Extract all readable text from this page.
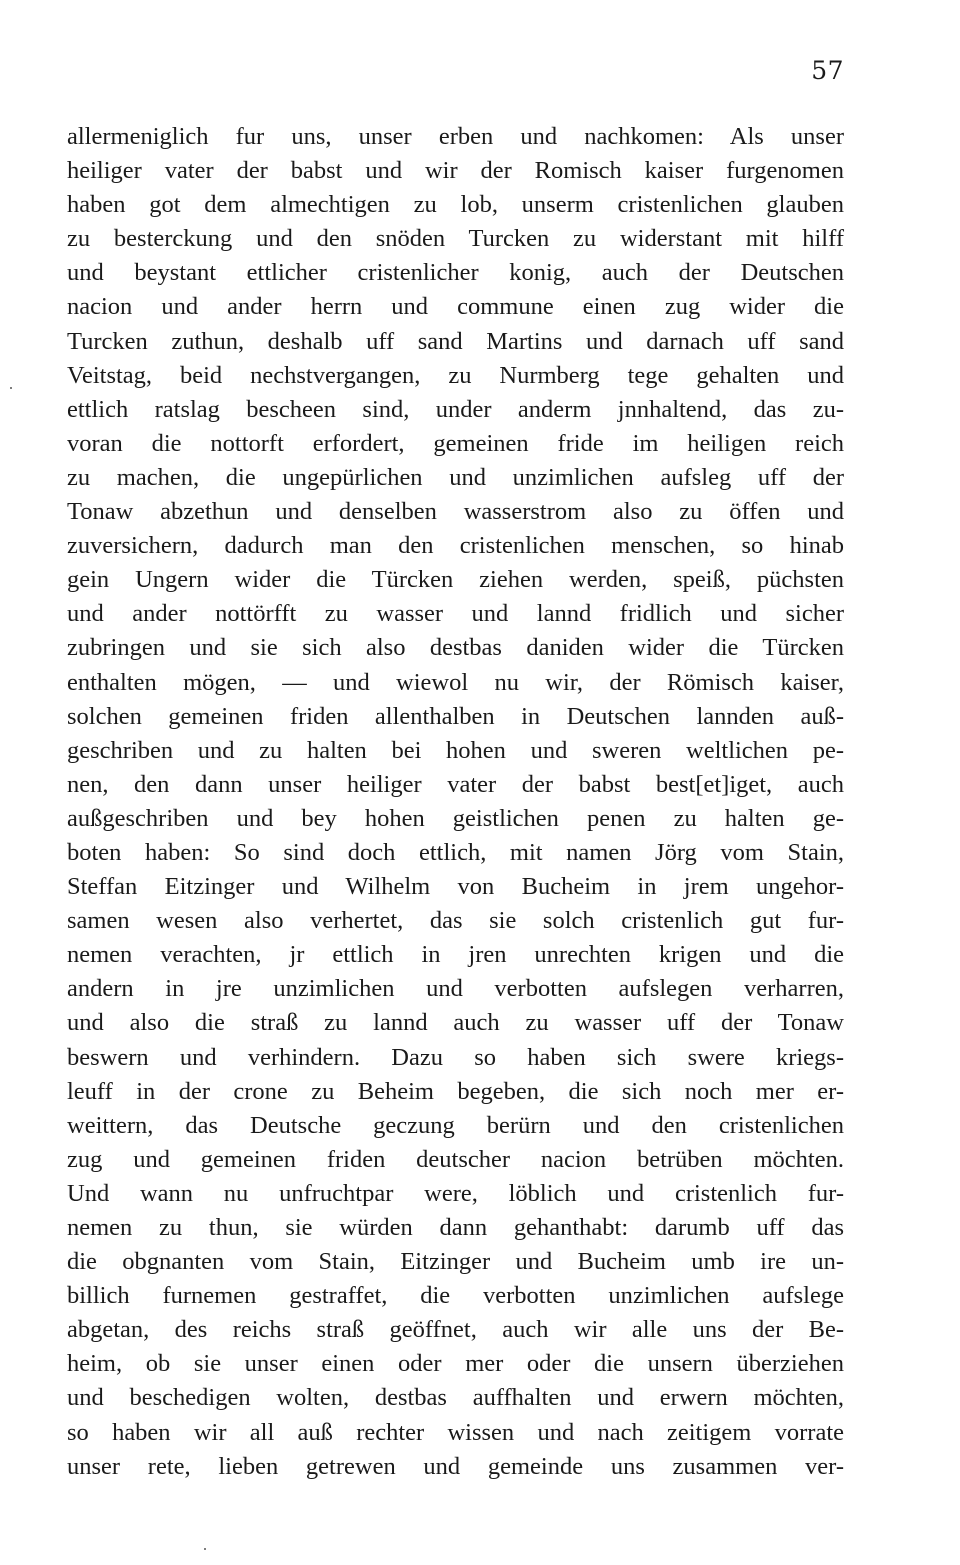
57
allermeniglich fur uns, unser erben und nachkomen: Als unser
heiliger vater der babst und wir der Romisch kaiser furgenomen
haben got dem almechtigen zu lob, unserm cristenlichen glauben
zu besterckung und den snöden Turcken zu widerstant mit hilff
und beystant ettlicher cristenlicher konig, auch der Deutschen
nacion und ander herrn und commune einen zug wider die
Turcken zuthun, deshalb uff sand Martins und darnach uff sand
Veitstag, beid nechstvergangen, zu Nurmberg tege gehalten und
ettlich ratslag bescheen sind, under anderm jnnhaltend, das zu-
voran die nottorft erfordert, gemeinen fride im heiligen reich
zu machen, die ungepürlichen und unzimlichen aufsleg uff der
Tonaw abzethun und denselben wasserstrom also zu öffen und
zuversichern, dadurch man den cristenlichen menschen, so hinab
gein Ungern wider die Türcken ziehen werden, speiß, püchsten
und ander nottörfft zu wasser und lannd fridlich und sicher
zubringen und sie sich also destbas daniden wider die Türcken
enthalten mögen, — und wiewol nu wir, der Römisch kaiser,
solchen gemeinen friden allenthalben in Deutschen lannden auß-
geschriben und zu halten bei hohen und sweren weltlichen pe-
nen, den dann unser heiliger vater der babst best[et]iget, auch
außgeschriben und bey hohen geistlichen penen zu halten ge-
boten haben: So sind doch ettlich, mit namen Jörg vom Stain,
Steffan Eitzinger und Wilhelm von Bucheim in jrem ungehor-
samen wesen also verhertet, das sie solch cristenlich gut fur-
nemen verachten, jr ettlich in jren unrechten krigen und die
andern in jre unzimlichen und verbotten aufslegen verharren,
und also die straß zu lannd auch zu wasser uff der Tonaw
beswern und verhindern. Dazu so haben sich swere kriegs-
leuff in der crone zu Beheim begeben, die sich noch mer er-
weittern, das Deutsche geczung berürn und den cristenlichen
zug und gemeinen friden deutscher nacion betrüben möchten.
Und wann nu unfruchtpar were, löblich und cristenlich fur-
nemen zu thun, sie würden dann gehanthabt: darumb uff das
die obgnanten vom Stain, Eitzinger und Bucheim umb ire un-
billich furnemen gestraffet, die verbotten unzimlichen aufslege
abgetan, des reichs straß geöffnet, auch wir alle uns der Be-
heim, ob sie unser einen oder mer oder die unsern überziehen
und beschedigen wolten, destbas auffhalten und erwern möchten,
so haben wir all auß rechter wissen und nach zeitigem vorrate
unser rete, lieben getrewen und gemeinde uns zusammen ver-
